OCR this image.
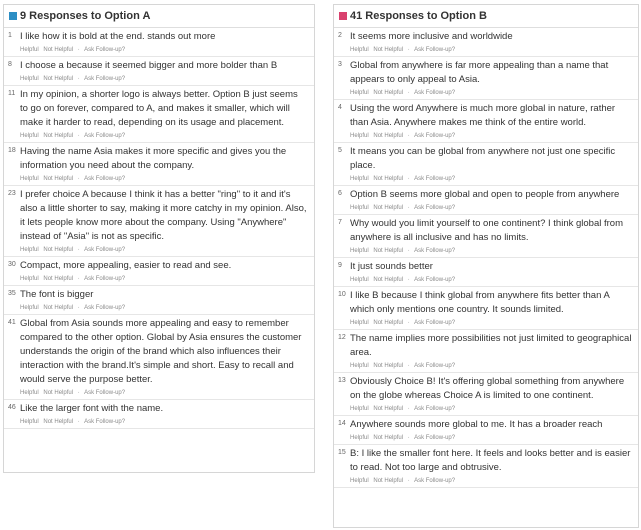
9 Responses to Option A
1 I like how it is bold at the end. stands out more
Helpful Not Helpful · Ask Follow-up?
8 I choose a because it seemed bigger and more bolder than B
Helpful Not Helpful · Ask Follow-up?
11 In my opinion, a shorter logo is always better. Option B just seems to go on forever, compared to A, and makes it smaller, which will make it harder to read, depending on its usage and placement.
Helpful Not Helpful · Ask Follow-up?
18 Having the name Asia makes it more specific and gives you the information you need about the company.
Helpful Not Helpful · Ask Follow-up?
23 I prefer choice A because I think it has a better "ring" to it and it's also a little shorter to say, making it more catchy in my opinion. Also, it lets people know more about the company. Using "Anywhere" instead of "Asia" is not as specific.
Helpful Not Helpful · Ask Follow-up?
30 Compact, more appealing, easier to read and see.
Helpful Not Helpful · Ask Follow-up?
35 The font is bigger
Helpful Not Helpful · Ask Follow-up?
41 Global from Asia sounds more appealing and easy to remember compared to the other option. Global by Asia ensures the customer understands the origin of the brand which also influences their interaction with the brand.It's simple and short. Easy to recall and would serve the purpose better.
Helpful Not Helpful · Ask Follow-up?
46 Like the larger font with the name.
Helpful Not Helpful · Ask Follow-up?
41 Responses to Option B
2 It seems more inclusive and worldwide
Helpful Not Helpful · Ask Follow-up?
3 Global from anywhere is far more appealing than a name that appears to only appeal to Asia.
Helpful Not Helpful · Ask Follow-up?
4 Using the word Anywhere is much more global in nature, rather than Asia. Anywhere makes me think of the entire world.
Helpful Not Helpful · Ask Follow-up?
5 It means you can be global from anywhere not just one specific place.
Helpful Not Helpful · Ask Follow-up?
6 Option B seems more global and open to people from anywhere
Helpful Not Helpful · Ask Follow-up?
7 Why would you limit yourself to one continent? I think global from anywhere is all inclusive and has no limits.
Helpful Not Helpful · Ask Follow-up?
9 It just sounds better
Helpful Not Helpful · Ask Follow-up?
10 I like B because I think global from anywhere fits better than A which only mentions one country. It sounds limited.
Helpful Not Helpful · Ask Follow-up?
12 The name implies more possibilities not just limited to geographical area.
Helpful Not Helpful · Ask Follow-up?
13 Obviously Choice B! It's offering global something from anywhere on the globe whereas Choice A is limited to one continent.
Helpful Not Helpful · Ask Follow-up?
14 Anywhere sounds more global to me. It has a broader reach
Helpful Not Helpful · Ask Follow-up?
15 B: I like the smaller font here. It feels and looks better and is easier to read. Not too large and obtrusive.
Helpful Not Helpful · Ask Follow-up?
